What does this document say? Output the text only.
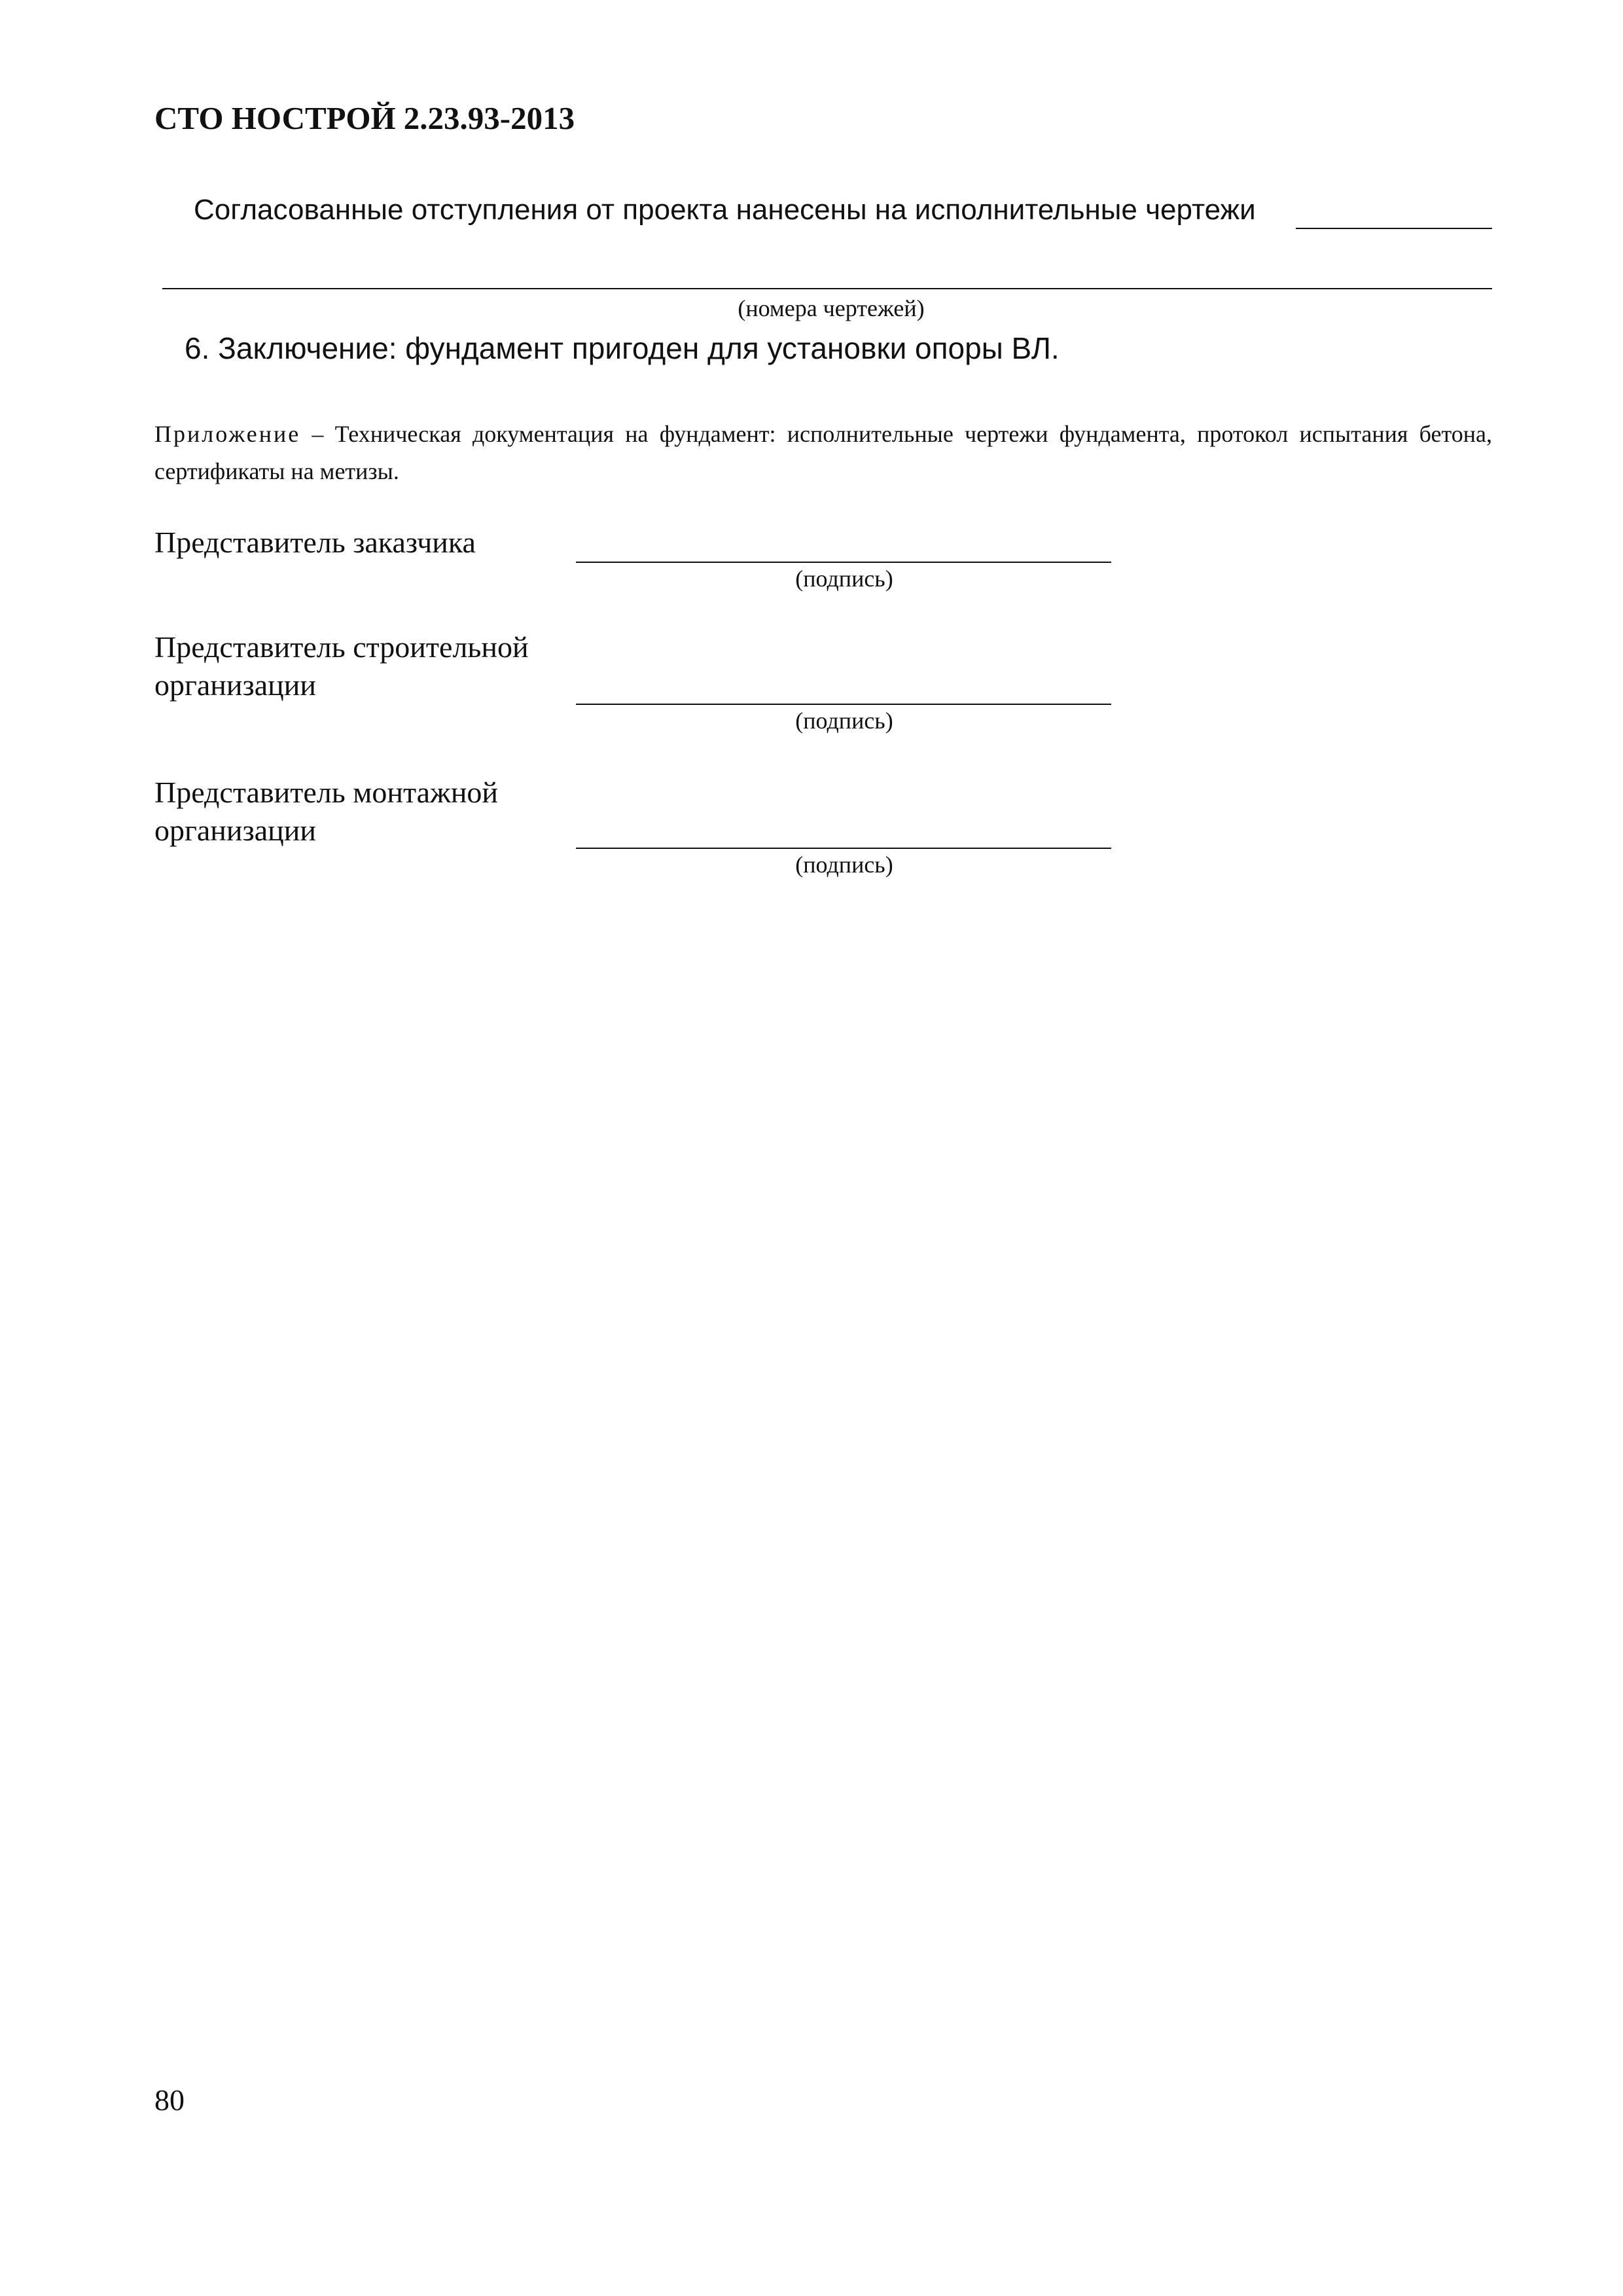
СТО НОСТРОЙ 2.23.93-2013
Согласованные отступления от проекта нанесены на исполнительные чертежи
(номера чертежей)
6. Заключение: фундамент пригоден для установки опоры ВЛ.
Приложение – Техническая документация на фундамент: исполнительные чертежи фундамента, протокол испытания бетона, сертификаты на метизы.
Представитель заказчика
(подпись)
Представитель строительной
организации
(подпись)
Представитель монтажной
организации
(подпись)
80
